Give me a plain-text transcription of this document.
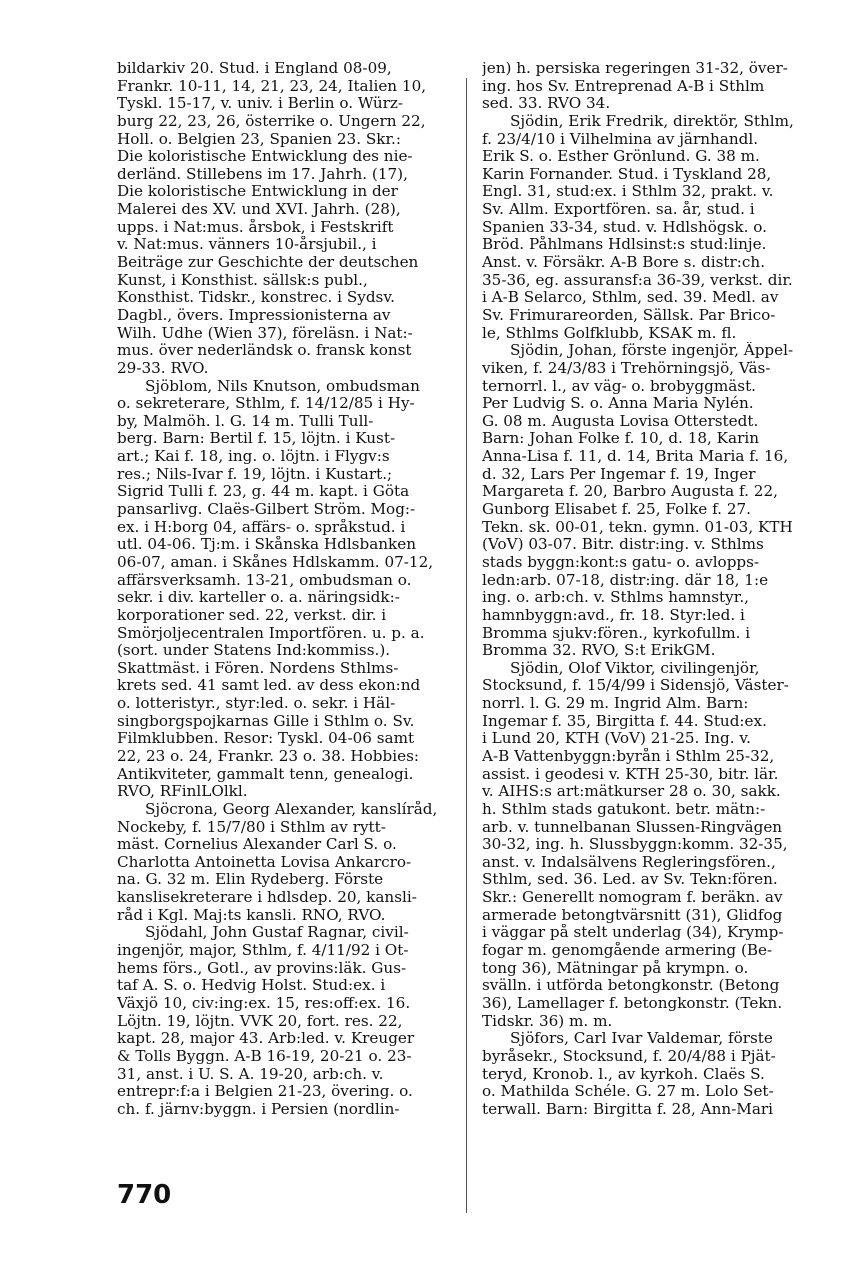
bildarkiv 20. Stud. i England 08-09,
Frankr. 10-11, 14, 21, 23, 24, Italien 10,
Tyskl. 15-17, v. univ. i Berlin o. Würz-
burg 22, 23, 26, österrike o. Ungern 22,
Holl. o. Belgien 23, Spanien 23. Skr.:
Die koloristische Entwicklung des nie-
derländ. Stillebens im 17. Jahrh. (17),
Die koloristische Entwicklung in der
Malerei des XV. und XVI. Jahrh. (28),
upps. i Nat:mus. årsbok, i Festskrift
v. Nat:mus. vänners 10-årsjubil., i
Beiträge zur Geschichte der deutschen
Kunst, i Konsthist. sällsk:s publ.,
Konsthist. Tidskr., konstrec. i Sydsv.
Dagbl., övers. Impressionisterna av
Wilh. Udhe (Wien 37), föreläsn. i Nat:-
mus. över nederländsk o. fransk konst
29-33. RVO.
Sjöblom, Nils Knutson, ombudsman
o. sekreterare, Sthlm, f. 14/12/85 i Hy-
by, Malmöh. l. G. 14 m. Tulli Tull-
berg. Barn: Bertil f. 15, löjtn. i Kust-
art.; Kai f. 18, ing. o. löjtn. i Flygv:s
res.; Nils-Ivar f. 19, löjtn. i Kustart.;
Sigrid Tulli f. 23, g. 44 m. kapt. i Göta
pansarlivg. Claës-Gilbert Ström. Mog:-
ex. i H:borg 04, affärs- o. språkstud. i
utl. 04-06. Tj:m. i Skånska Hdlsbanken
06-07, aman. i Skånes Hdlskamm. 07-12,
affärsverksamh. 13-21, ombudsman o.
sekr. i div. karteller o. a. näringsidk:-
korporationer sed. 22, verkst. dir. i
Smörjoljecentralen Importfören. u. p. a.
(sort. under Statens Ind:kommiss.).
Skattmäst. i Fören. Nordens Sthlms-
krets sed. 41 samt led. av dess ekon:nd
o. lotteristyr., styr:led. o. sekr. i Häl-
singborgspojkarnas Gille i Sthlm o. Sv.
Filmklubben. Resor: Tyskl. 04-06 samt
22, 23 o. 24, Frankr. 23 o. 38. Hobbies:
Antikviteter, gammalt tenn, genealogi.
RVO, RFinlLOlkl.
Sjöcrona, Georg Alexander, kanslíråd,
Nockeby, f. 15/7/80 i Sthlm av rytt-
mäst. Cornelius Alexander Carl S. o.
Charlotta Antoinetta Lovisa Ankarcro-
na. G. 32 m. Elin Rydeberg. Förste
kanslisekreterare i hdlsdep. 20, kansli-
råd i Kgl. Maj:ts kansli. RNO, RVO.
Sjödahl, John Gustaf Ragnar, civil-
ingenjör, major, Sthlm, f. 4/11/92 i Ot-
hems förs., Gotl., av provins:läk. Gus-
taf A. S. o. Hedvig Holst. Stud:ex. i
Växjö 10, civ:ing:ex. 15, res:off:ex. 16.
Löjtn. 19, löjtn. VVK 20, fort. res. 22,
kapt. 28, major 43. Arb:led. v. Kreuger
& Tolls Byggn. A-B 16-19, 20-21 o. 23-
31, anst. i U. S. A. 19-20, arb:ch. v.
entrepr:f:a i Belgien 21-23, övering. o.
ch. f. järnv:byggn. i Persien (nordlin-
jen) h. persiska regeringen 31-32, över-
ing. hos Sv. Entreprenad A-B i Sthlm
sed. 33. RVO 34.
Sjödin, Erik Fredrik, direktör, Sthlm,
f. 23/4/10 i Vilhelmina av järnhandl.
Erik S. o. Esther Grönlund. G. 38 m.
Karin Fornander. Stud. i Tyskland 28,
Engl. 31, stud:ex. i Sthlm 32, prakt. v.
Sv. Allm. Exportfören. sa. år, stud. i
Spanien 33-34, stud. v. Hdlshögsk. o.
Bröd. Påhlmans Hdlsinst:s stud:linje.
Anst. v. Försäkr. A-B Bore s. distr:ch.
35-36, eg. assuransf:a 36-39, verkst. dir.
i A-B Selarco, Sthlm, sed. 39. Medl. av
Sv. Frimurareorden, Sällsk. Par Brico-
le, Sthlms Golfklubb, KSAK m. fl.
Sjödin, Johan, förste ingenjör, Äppel-
viken, f. 24/3/83 i Trehörningsjö, Väs-
ternorrl. l., av väg- o. brobyggmäst.
Per Ludvig S. o. Anna Maria Nylén.
G. 08 m. Augusta Lovisa Otterstedt.
Barn: Johan Folke f. 10, d. 18, Karin
Anna-Lisa f. 11, d. 14, Brita Maria f. 16,
d. 32, Lars Per Ingemar f. 19, Inger
Margareta f. 20, Barbro Augusta f. 22,
Gunborg Elisabet f. 25, Folke f. 27.
Tekn. sk. 00-01, tekn. gymn. 01-03, KTH
(VoV) 03-07. Bitr. distr:ing. v. Sthlms
stads byggn:kont:s gatu- o. avlopps-
ledn:arb. 07-18, distr:ing. där 18, 1:e
ing. o. arb:ch. v. Sthlms hamnstyr.,
hamnbyggn:avd., fr. 18. Styr:led. i
Bromma sjukv:fören., kyrkofullm. i
Bromma 32. RVO, S:t ErikGM.
Sjödin, Olof Viktor, civilingenjör,
Stocksund, f. 15/4/99 i Sidensjö, Väster-
norrl. l. G. 29 m. Ingrid Alm. Barn:
Ingemar f. 35, Birgitta f. 44. Stud:ex.
i Lund 20, KTH (VoV) 21-25. Ing. v.
A-B Vattenbyggn:byrån i Sthlm 25-32,
assist. i geodesi v. KTH 25-30, bitr. lär.
v. AIHS:s art:mätkurser 28 o. 30, sakk.
h. Sthlm stads gatukont. betr. mätn:-
arb. v. tunnelbanan Slussen-Ringvägen
30-32, ing. h. Slussbyggn:komm. 32-35,
anst. v. Indalsälvens Regleringsfören.,
Sthlm, sed. 36. Led. av Sv. Tekn:fören.
Skr.: Generellt nomogram f. beräkn. av
armerade betongtvärsnitt (31), Glidfog
i väggar på stelt underlag (34), Krymp-
fogar m. genomgående armering (Be-
tong 36), Mätningar på krympn. o.
svälln. i utförda betongkonstr. (Betong
36), Lamellager f. betongkonstr. (Tekn.
Tidskr. 36) m. m.
Sjöfors, Carl Ivar Valdemar, förste
byråsekr., Stocksund, f. 20/4/88 i Pjät-
teryd, Kronob. l., av kyrkoh. Claës S.
o. Mathilda Schéle. G. 27 m. Lolo Set-
terwall. Barn: Birgitta f. 28, Ann-Mari
770
